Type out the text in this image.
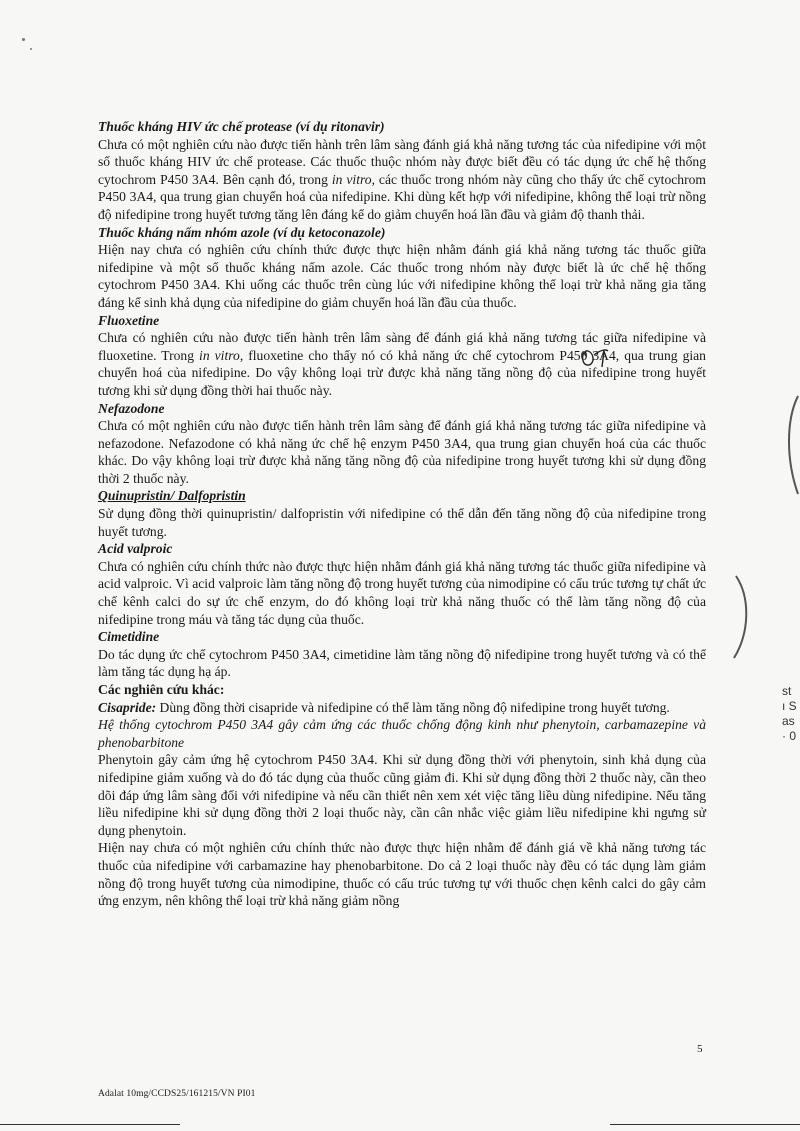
Thuốc kháng HIV ức chế protease (ví dụ ritonavir)

Chưa có một nghiên cứu nào được tiến hành trên lâm sàng đánh giá khả năng tương tác của nifedipine với một số thuốc kháng HIV ức chế protease. Các thuốc thuộc nhóm này được biết đều có tác dụng ức chế hệ thống cytochrom P450 3A4. Bên cạnh đó, trong in vitro, các thuốc trong nhóm này cũng cho thấy ức chế cytochrom P450 3A4, qua trung gian chuyển hoá của nifedipine. Khi dùng kết hợp với nifedipine, không thể loại trừ nồng độ nifedipine trong huyết tương tăng lên đáng kể do giảm chuyển hoá lần đầu và giảm độ thanh thải.

Thuốc kháng nấm nhóm azole (ví dụ ketoconazole)

Hiện nay chưa có nghiên cứu chính thức được thực hiện nhằm đánh giá khả năng tương tác thuốc giữa nifedipine và một số thuốc kháng nấm azole. Các thuốc trong nhóm này được biết là ức chế hệ thống cytochrom P450 3A4. Khi uống các thuốc trên cùng lúc với nifedipine không thể loại trừ khả năng gia tăng đáng kể sinh khả dụng của nifedipine do giảm chuyển hoá lần đầu của thuốc.

Fluoxetine

Chưa có nghiên cứu nào được tiến hành trên lâm sàng để đánh giá khả năng tương tác giữa nifedipine và fluoxetine. Trong in vitro, fluoxetine cho thấy nó có khả năng ức chế cytochrom P450 3A4, qua trung gian chuyển hoá của nifedipine. Do vậy không loại trừ được khả năng tăng nồng độ của nifedipine trong huyết tương khi sử dụng đồng thời hai thuốc này.

Nefazodone

Chưa có một nghiên cứu nào được tiến hành trên lâm sàng để đánh giá khả năng tương tác giữa nifedipine và nefazodone. Nefazodone có khả năng ức chế hệ enzym P450 3A4, qua trung gian chuyển hoá của các thuốc khác. Do vậy không loại trừ được khả năng tăng nồng độ của nifedipine trong huyết tương khi sử dụng đồng thời 2 thuốc này.

Quinupristin/ Dalfopristin

Sử dụng đồng thời quinupristin/ dalfopristin với nifedipine có thể dẫn đến tăng nồng độ của nifedipine trong huyết tương.

Acid valproic

Chưa có nghiên cứu chính thức nào được thực hiện nhằm đánh giá khả năng tương tác thuốc giữa nifedipine và acid valproic. Vì acid valproic làm tăng nồng độ trong huyết tương của nimodipine có cấu trúc tương tự chất ức chế kênh calci do sự ức chế enzym, do đó không loại trừ khả năng thuốc có thể làm tăng nồng độ của nifedipine trong máu và tăng tác dụng của thuốc.

Cimetidine

Do tác dụng ức chế cytochrom P450 3A4, cimetidine làm tăng nồng độ nifedipine trong huyết tương và có thể làm tăng tác dụng hạ áp.

Các nghiên cứu khác:

Cisapride: Dùng đồng thời cisapride và nifedipine có thể làm tăng nồng độ nifedipine trong huyết tương.

Hệ thống cytochrom P450 3A4 gây cảm ứng các thuốc chống động kinh như phenytoin, carbamazepine và phenobarbitone

Phenytoin gây cảm ứng hệ cytochrom P450 3A4. Khi sử dụng đồng thời với phenytoin, sinh khả dụng của nifedipine giảm xuống và do đó tác dụng của thuốc cũng giảm đi. Khi sử dụng đồng thời 2 thuốc này, cần theo dõi đáp ứng lâm sàng đối với nifedipine và nếu cần thiết nên xem xét việc tăng liều dùng nifedipine. Nếu tăng liều nifedipine khi sử dụng đồng thời 2 loại thuốc này, cần cân nhắc việc giảm liều nifedipine khi ngưng sử dụng phenytoin.

Hiện nay chưa có một nghiên cứu chính thức nào được thực hiện nhằm để đánh giá về khả năng tương tác thuốc của nifedipine với carbamazine hay phenobarbitone. Do cả 2 loại thuốc này đều có tác dụng làm giảm nồng độ trong huyết tương của nimodipine, thuốc có cấu trúc tương tự với thuốc chẹn kênh calci do gây cảm ứng enzym, nên không thể loại trừ khả năng giảm nồng

st
ı S
as
· 0
5
Adalat 10mg/CCDS25/161215/VN PI01
